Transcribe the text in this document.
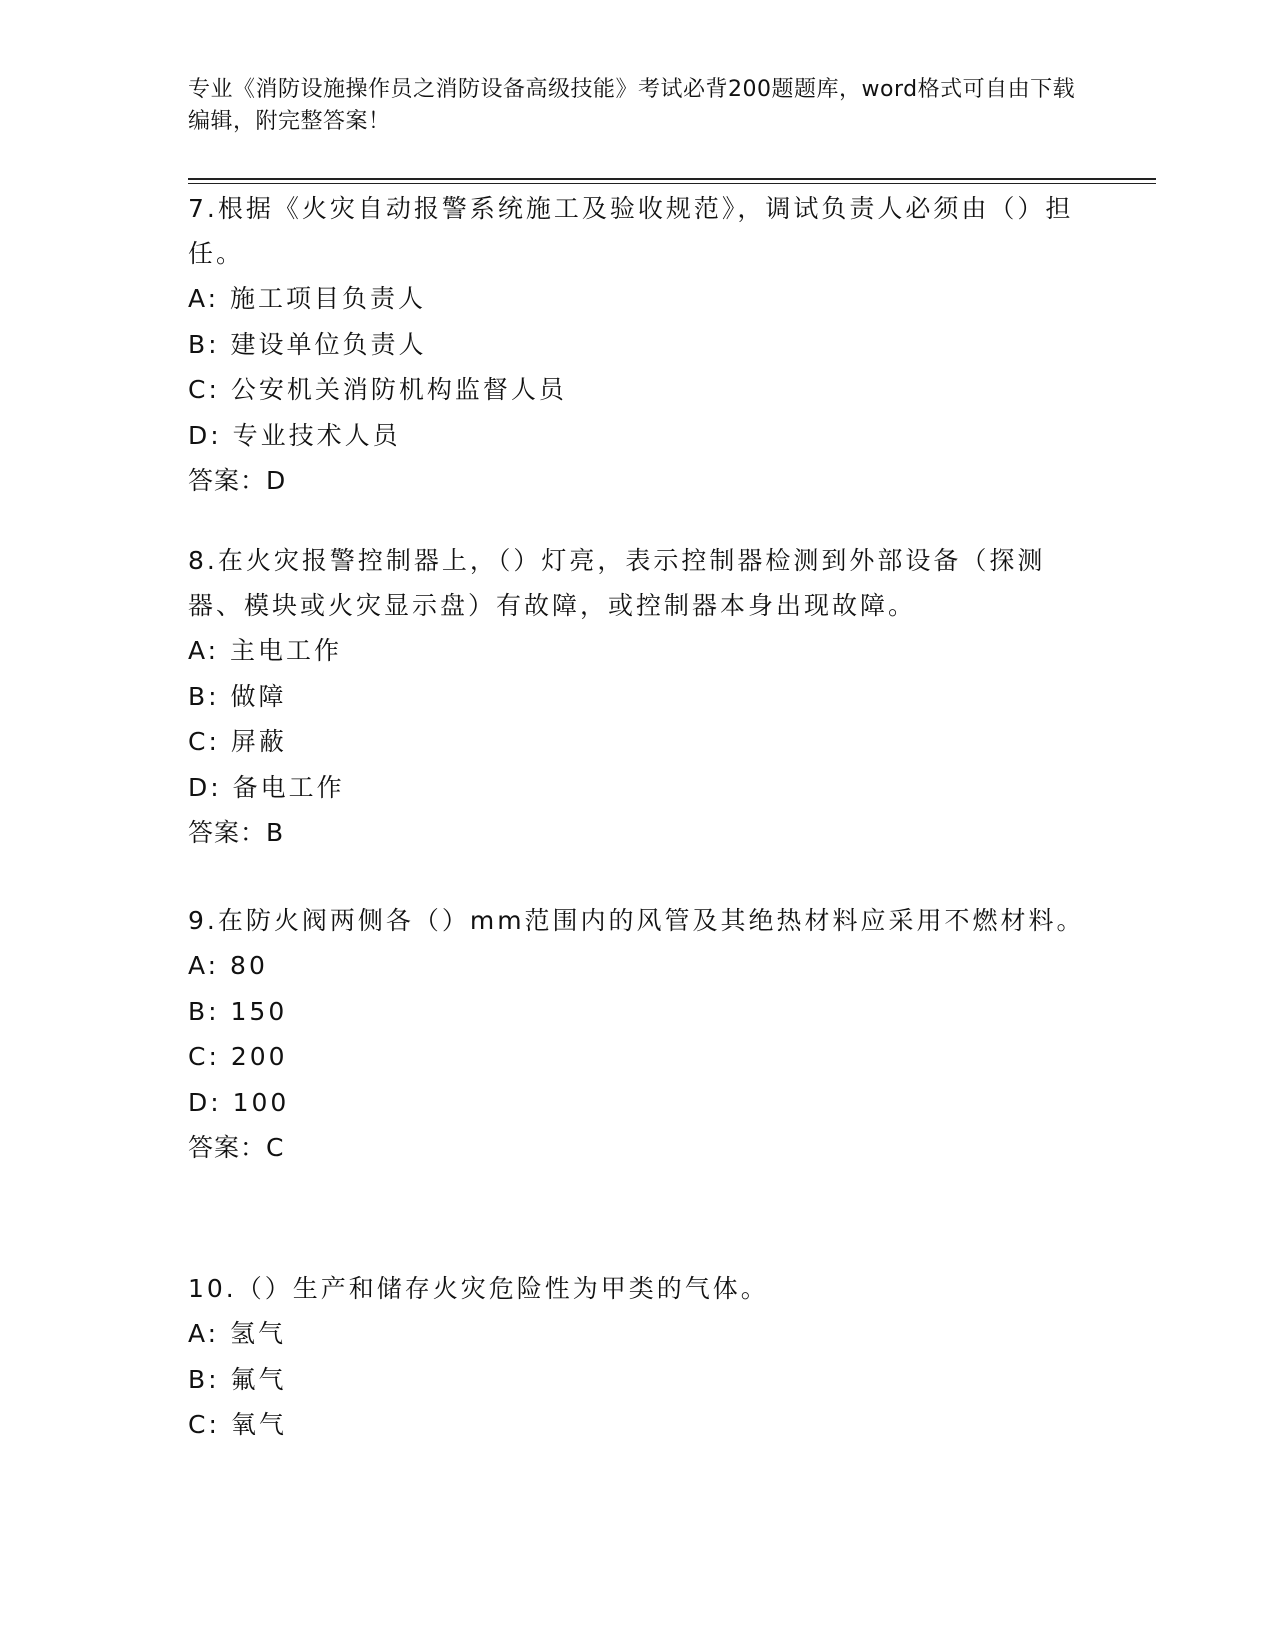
专业《消防设施操作员之消防设备高级技能》考试必背200题题库，word格式可自由下载编辑，附完整答案！

7.根据《火灾自动报警系统施工及验收规范》，调试负责人必须由（）担任。

A: 施工项目负责人

B: 建设单位负责人

C: 公安机关消防机构监督人员

D: 专业技术人员

答案：D

8.在火灾报警控制器上，（）灯亮，表示控制器检测到外部设备（探测器、模块或火灾显示盘）有故障，或控制器本身出现故障。

A: 主电工作

B: 做障

C: 屏蔽

D: 备电工作

答案：B

9.在防火阀两侧各（）mm范围内的风管及其绝热材料应采用不燃材料。

A: 80

B: 150

C: 200

D: 100

答案：C

10.（）生产和储存火灾危险性为甲类的气体。

A: 氢气

B: 氟气

C: 氧气
